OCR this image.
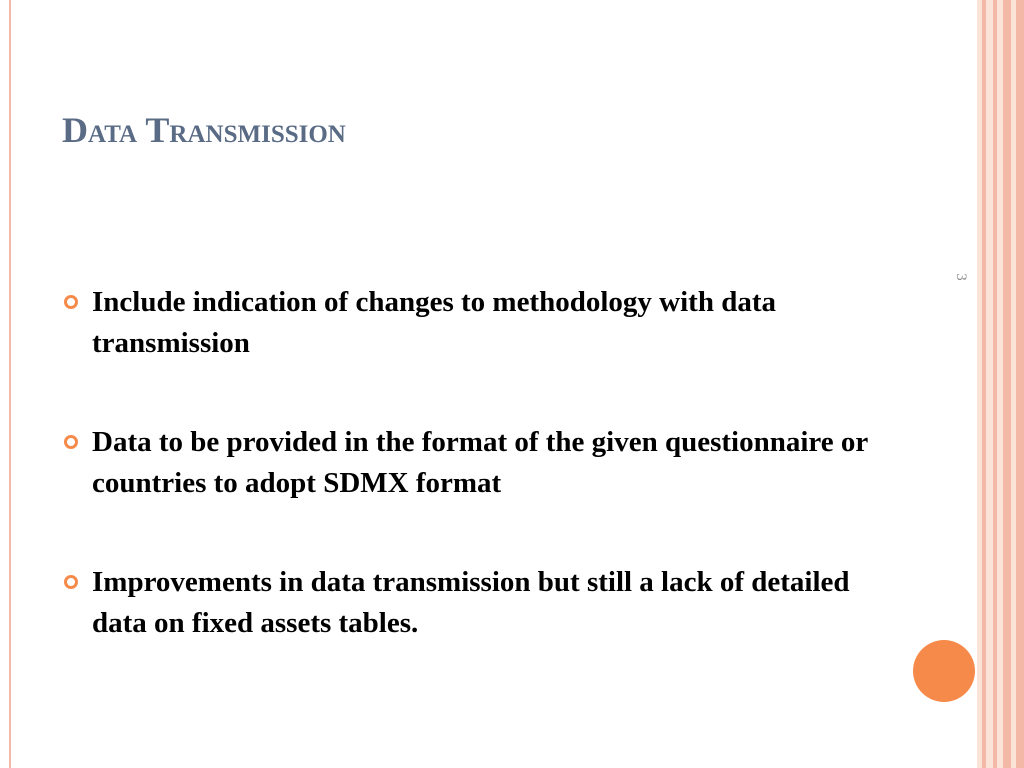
Data Transmission
3
Include indication of changes to methodology with data transmission
Data to be provided in the format of the given questionnaire or countries to adopt SDMX format
Improvements in data transmission but still a lack of detailed data on fixed assets tables.
